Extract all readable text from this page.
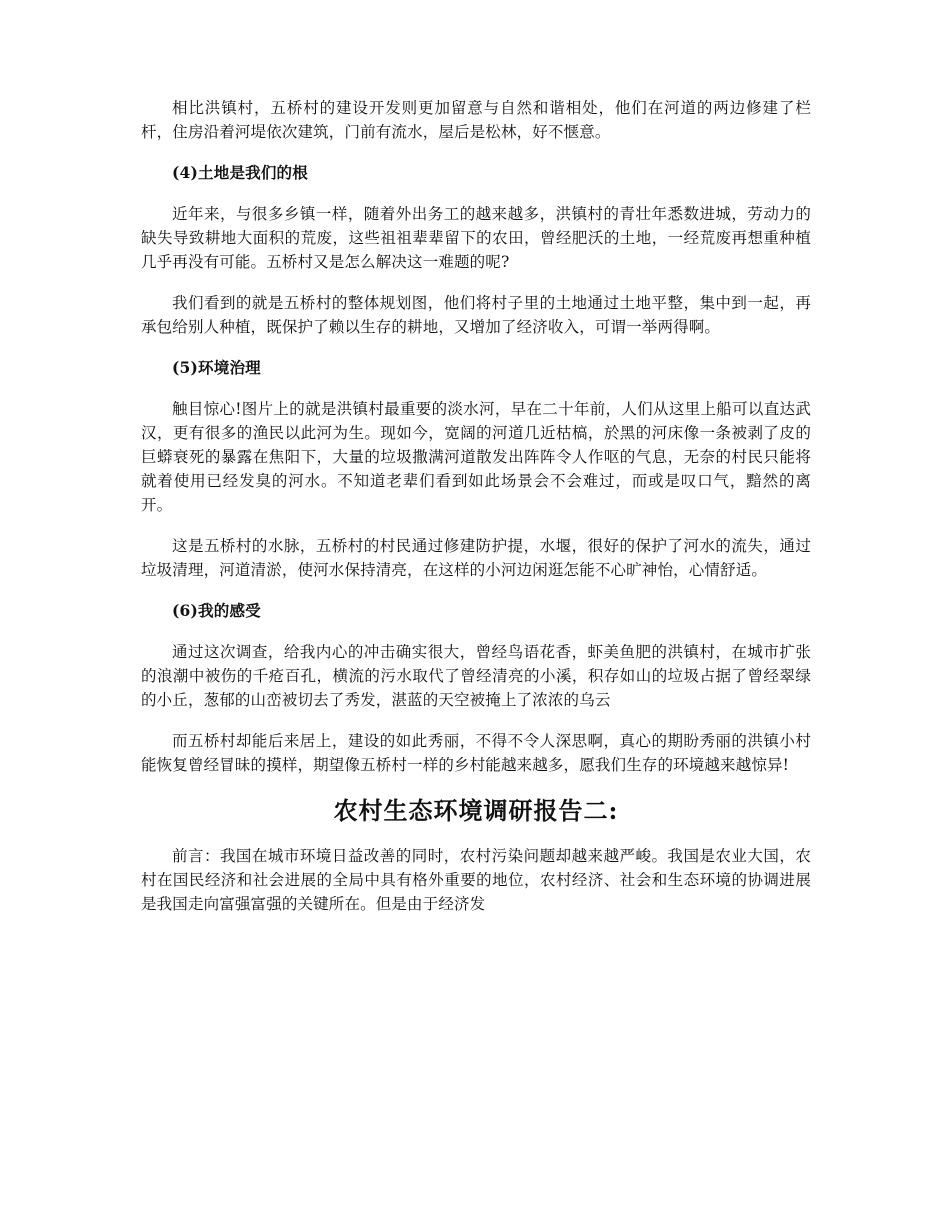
相比洪镇村，五桥村的建设开发则更加留意与自然和谐相处，他们在河道的两边修建了栏杆，住房沿着河堤依次建筑，门前有流水，屋后是松林，好不惬意。

(4)土地是我们的根

近年来，与很多乡镇一样，随着外出务工的越来越多，洪镇村的青壮年悉数进城，劳动力的缺失导致耕地大面积的荒废，这些祖祖辈辈留下的农田，曾经肥沃的土地，一经荒废再想重种植几乎再没有可能。五桥村又是怎么解决这一难题的呢?

我们看到的就是五桥村的整体规划图，他们将村子里的土地通过土地平整，集中到一起，再承包给别人种植，既保护了赖以生存的耕地，又增加了经济收入，可谓一举两得啊。

(5)环境治理

触目惊心!图片上的就是洪镇村最重要的淡水河，早在二十年前，人们从这里上船可以直达武汉，更有很多的渔民以此河为生。现如今，宽阔的河道几近枯槁，於黑的河床像一条被剥了皮的巨蟒衰死的暴露在焦阳下，大量的垃圾撒满河道散发出阵阵令人作呕的气息，无奈的村民只能将就着使用已经发臭的河水。不知道老辈们看到如此场景会不会难过，而或是叹口气，黯然的离开。

这是五桥村的水脉，五桥村的村民通过修建防护提，水堰，很好的保护了河水的流失，通过垃圾清理，河道清淤，使河水保持清亮，在这样的小河边闲逛怎能不心旷神怡，心情舒适。

(6)我的感受

通过这次调查，给我内心的冲击确实很大，曾经鸟语花香，虾美鱼肥的洪镇村，在城市扩张的浪潮中被伤的千疮百孔，横流的污水取代了曾经清亮的小溪，积存如山的垃圾占据了曾经翠绿的小丘，葱郁的山峦被切去了秀发，湛蓝的天空被掩上了浓浓的乌云

而五桥村却能后来居上，建设的如此秀丽，不得不令人深思啊，真心的期盼秀丽的洪镇小村能恢复曾经冒昧的摸样，期望像五桥村一样的乡村能越来越多，愿我们生存的环境越来越惊异!

农村生态环境调研报告二:

前言：我国在城市环境日益改善的同时，农村污染问题却越来越严峻。我国是农业大国，农村在国民经济和社会进展的全局中具有格外重要的地位，农村经济、社会和生态环境的协调进展是我国走向富强富强的关键所在。但是由于经济发
